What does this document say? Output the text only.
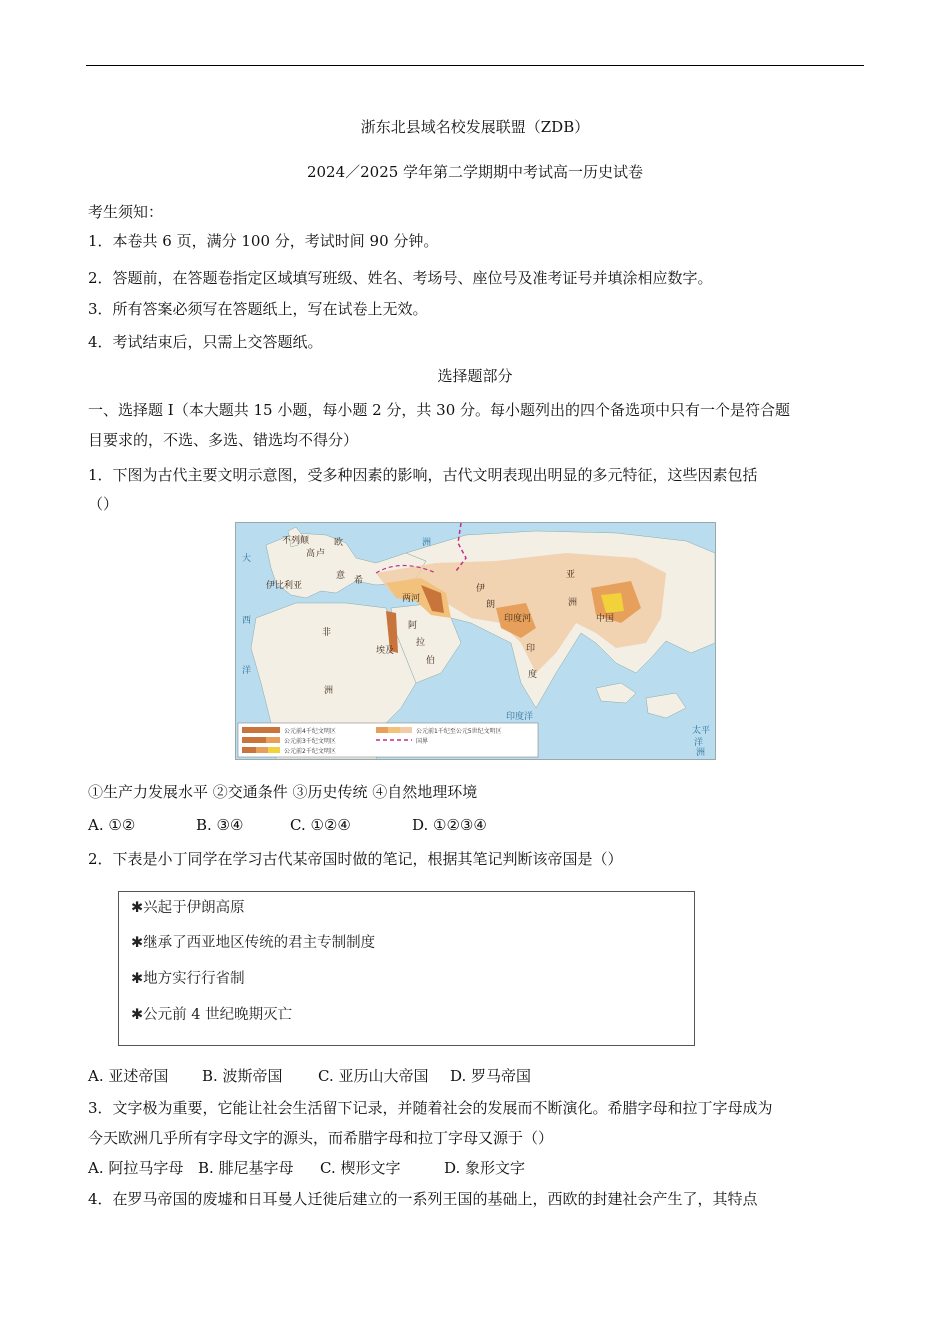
浙东北县域名校发展联盟（ZDB）
2024／2025 学年第二学期期中考试高一历史试卷
考生须知：
1．本卷共 6 页，满分 100 分，考试时间 90 分钟。
2．答题前，在答题卷指定区域填写班级、姓名、考场号、座位号及准考证号并填涂相应数字。
3．所有答案必须写在答题纸上，写在试卷上无效。
4．考试结束后，只需上交答题纸。
选择题部分
一、选择题 I（本大题共 15 小题，每小题 2 分，共 30 分。每小题列出的四个备选项中只有一个是符合题
目要求的，不选、多选、错选均不得分）
1．下图为古代主要文明示意图，受多种因素的影响，古代文明表现出明显的多元特征，这些因素包括
（）
不列颠
高 卢
意 希
伊比利亚
两河
伊
朗
印度河
印
度
中国
阿
拉
伯
埃及
非
洲
亚
洲
欧	洲
大
西
洋
印度洋
太平
洋
洲
公元前4千纪文明区
公元前3千纪文明区
公元前2千纪文明区
公元前1千纪至公元5世纪文明区
国界
①生产力发展水平 ②交通条件 ③历史传统 ④自然地理环境
A. ①②	B. ③④	C. ①②④	D. ①②③④
2．下表是小丁同学在学习古代某帝国时做的笔记，根据其笔记判断该帝国是（）
✱兴起于伊朗高原
✱继承了西亚地区传统的君主专制制度
✱地方实行行省制
✱公元前 4 世纪晚期灭亡
A. 亚述帝国 B. 波斯帝国 C. 亚历山大帝国 D. 罗马帝国
3．文字极为重要，它能让社会生活留下记录，并随着社会的发展而不断演化。希腊字母和拉丁字母成为
今天欧洲几乎所有字母文字的源头，而希腊字母和拉丁字母又源于（）
A. 阿拉马字母 B. 腓尼基字母 C. 楔形文字	D. 象形文字
4．在罗马帝国的废墟和日耳曼人迁徙后建立的一系列王国的基础上，西欧的封建社会产生了，其特点
